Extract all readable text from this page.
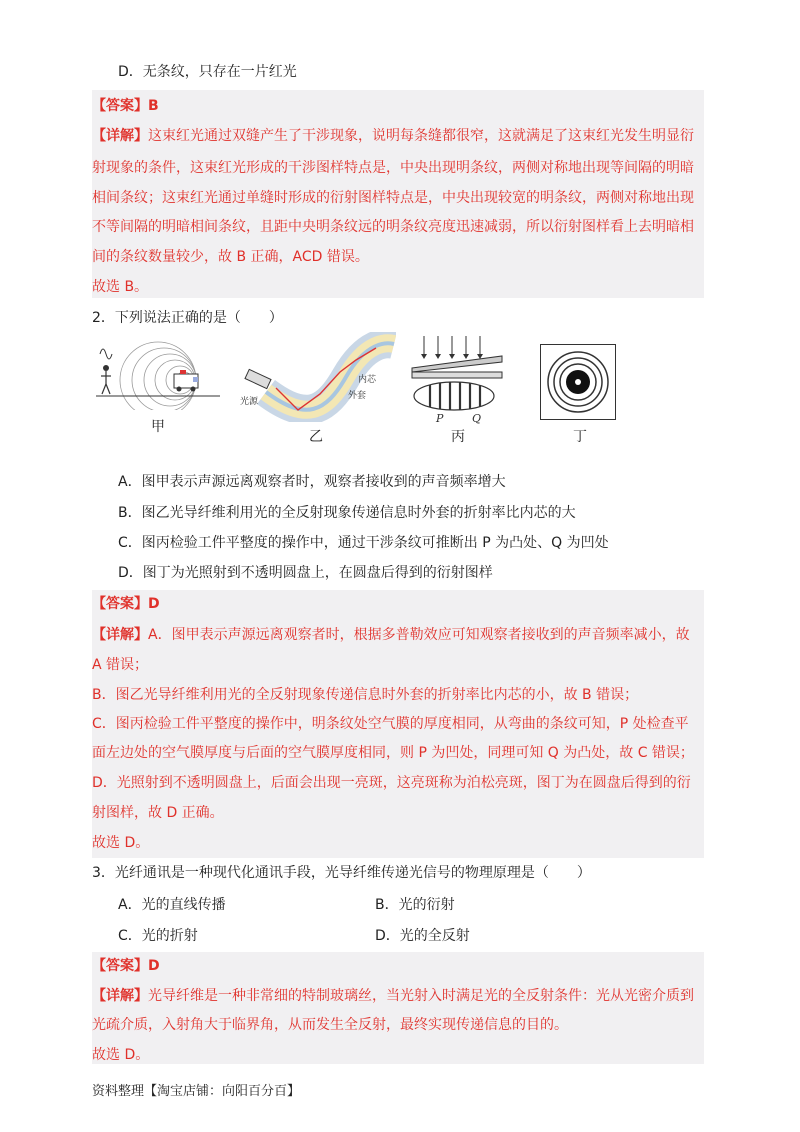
D．无条纹，只存在一片红光
【答案】B
【详解】这束红光通过双缝产生了干涉现象，说明每条缝都很窄，这就满足了这束红光发生明显衍
射现象的条件，这束红光形成的干涉图样特点是，中央出现明条纹，两侧对称地出现等间隔的明暗
相间条纹；这束红光通过单缝时形成的衍射图样特点是，中央出现较宽的明条纹，两侧对称地出现
不等间隔的明暗相间条纹，且距中央明条纹远的明条纹亮度迅速减弱，所以衍射图样看上去明暗相
间的条纹数量较少，故 B 正确，ACD 错误。
故选 B。
2．下列说法正确的是（　　）
甲
光源
内芯
外套
乙
P	Q
丙	丁
A．图甲表示声源远离观察者时，观察者接收到的声音频率增大
B．图乙光导纤维利用光的全反射现象传递信息时外套的折射率比内芯的大
C．图丙检验工件平整度的操作中，通过干涉条纹可推断出 P 为凸处、Q 为凹处
D．图丁为光照射到不透明圆盘上，在圆盘后得到的衍射图样
【答案】D
【详解】A．图甲表示声源远离观察者时，根据多普勒效应可知观察者接收到的声音频率减小，故
A 错误；
B．图乙光导纤维利用光的全反射现象传递信息时外套的折射率比内芯的小，故 B 错误；
C．图丙检验工件平整度的操作中，明条纹处空气膜的厚度相同，从弯曲的条纹可知，P 处检查平
面左边处的空气膜厚度与后面的空气膜厚度相同，则 P 为凹处，同理可知 Q 为凸处，故 C 错误；
D．光照射到不透明圆盘上，后面会出现一亮斑，这亮斑称为泊松亮斑，图丁为在圆盘后得到的衍
射图样，故 D 正确。
故选 D。
3．光纤通讯是一种现代化通讯手段，光导纤维传递光信号的物理原理是（　　）
A．光的直线传播	B．光的衍射
C．光的折射	D．光的全反射
【答案】D
【详解】光导纤维是一种非常细的特制玻璃丝，当光射入时满足光的全反射条件：光从光密介质到
光疏介质，入射角大于临界角，从而发生全反射，最终实现传递信息的目的。
故选 D。
资料整理【淘宝店铺：向阳百分百】
